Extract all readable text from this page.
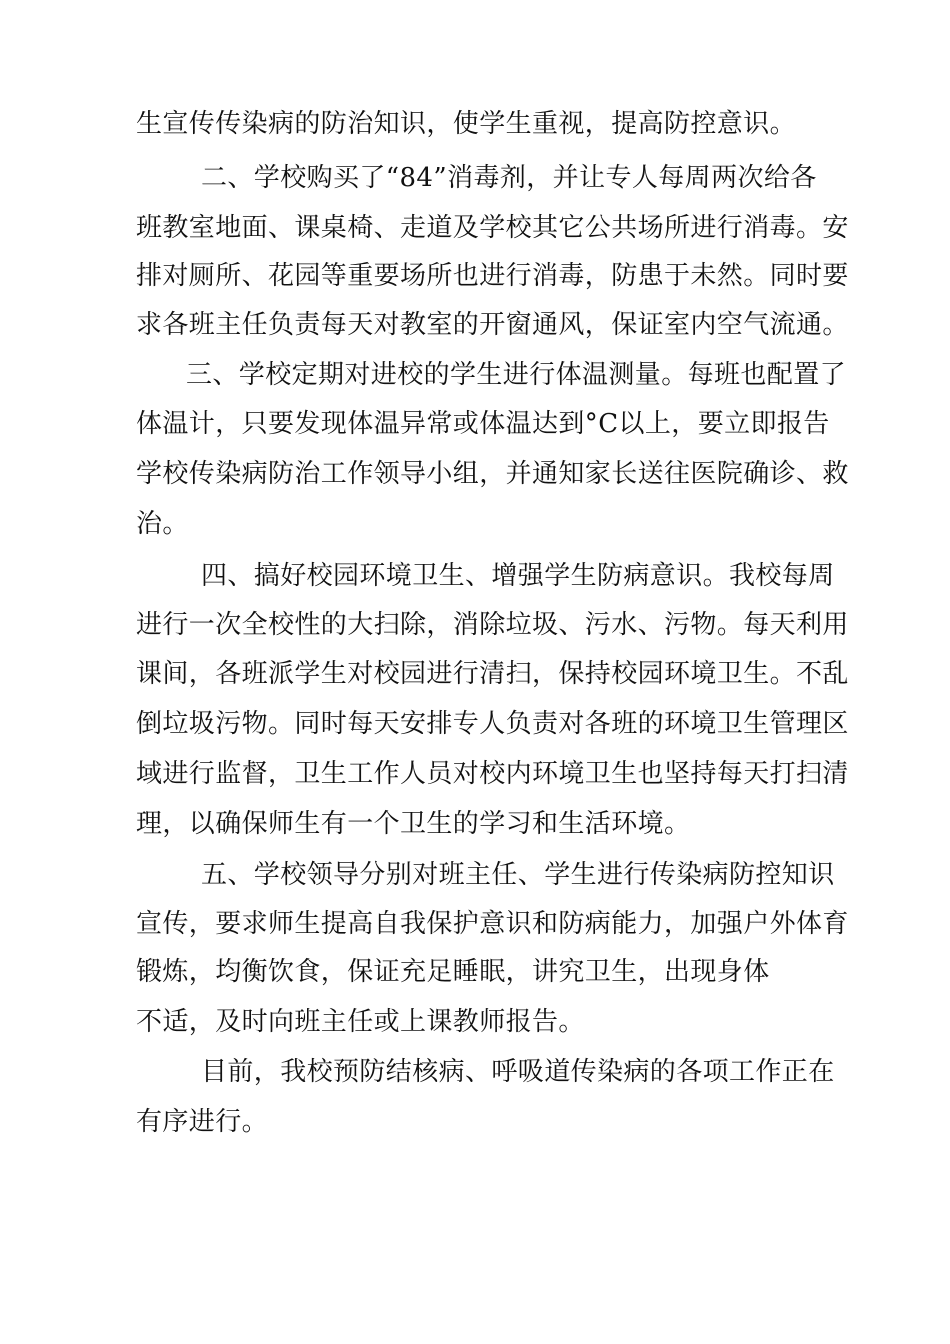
生宣传传染病的防治知识，使学生重视，提高防控意识。
二、学校购买了“84”消毒剂，并让专人每周两次给各
班教室地面、课桌椅、走道及学校其它公共场所进行消毒。安
排对厕所、花园等重要场所也进行消毒，防患于未然。同时要
求各班主任负责每天对教室的开窗通风，保证室内空气流通。
三、学校定期对进校的学生进行体温测量。每班也配置了
体温计，只要发现体温异常或体温达到°C以上，要立即报告
学校传染病防治工作领导小组，并通知家长送往医院确诊、救
治。
四、搞好校园环境卫生、增强学生防病意识。我校每周
进行一次全校性的大扫除，消除垃圾、污水、污物。每天利用
课间，各班派学生对校园进行清扫，保持校园环境卫生。不乱
倒垃圾污物。同时每天安排专人负责对各班的环境卫生管理区
域进行监督，卫生工作人员对校内环境卫生也坚持每天打扫清
理，以确保师生有一个卫生的学习和生活环境。
五、学校领导分别对班主任、学生进行传染病防控知识
宣传，要求师生提高自我保护意识和防病能力，加强户外体育
锻炼，均衡饮食，保证充足睡眠，讲究卫生，出现身体
不适，及时向班主任或上课教师报告。
目前，我校预防结核病、呼吸道传染病的各项工作正在
有序进行。
